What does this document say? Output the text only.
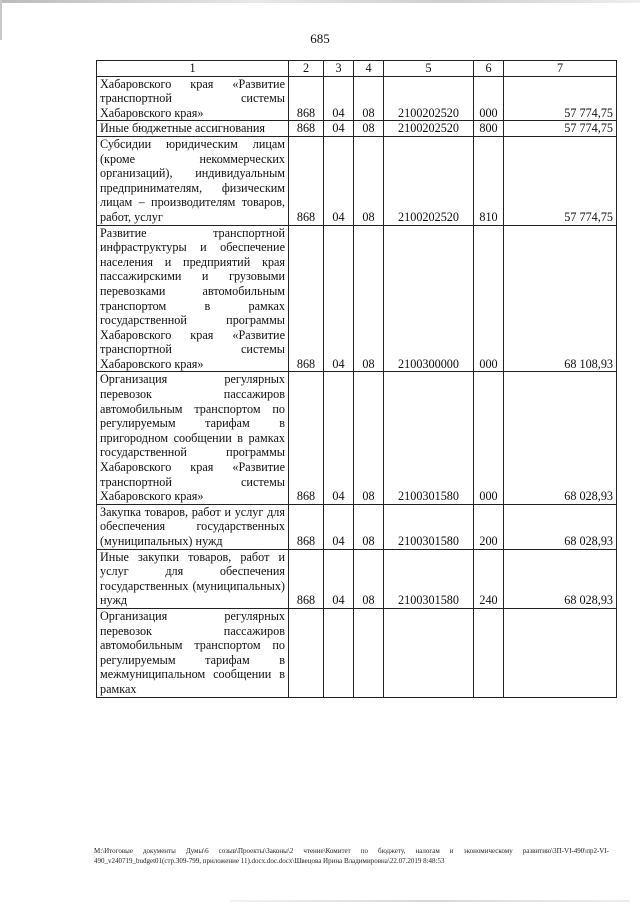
685
1	2	3	4	5	6	7
Хабаровского края «Развитие транспортной системы Хабаровского края»	868	04	08	2100202520	000	57 774,75
Иные бюджетные ассигнования	868	04	08	2100202520	800	57 774,75
Субсидии юридическим лицам (кроме некоммерческих организаций), индивидуальным предпринимателям, физическим лицам – производителям товаров, работ, услуг	868	04	08	2100202520	810	57 774,75
Развитие транспортной инфраструктуры и обеспечение населения и предприятий края пассажирскими и грузовыми перевозками автомобильным транспортом в рамках государственной программы Хабаровского края «Развитие транспортной системы Хабаровского края»	868	04	08	2100300000	000	68 108,93
Организация регулярных перевозок пассажиров автомобильным транспортом по регулируемым тарифам в пригородном сообщении в рамках государственной программы Хабаровского края «Развитие транспортной системы Хабаровского края»	868	04	08	2100301580	000	68 028,93
Закупка товаров, работ и услуг для обеспечения государственных (муниципальных) нужд	868	04	08	2100301580	200	68 028,93
Иные закупки товаров, работ и услуг для обеспечения государственных (муниципальных) нужд	868	04	08	2100301580	240	68 028,93
Организация регулярных перевозок пассажиров автомобильным транспортом по регулируемым тарифам в межмуниципальном сообщении в рамках						
M:\Итоговые документы Думы\6 созыв\Проекты\Законы\2 чтение\Комитет по бюджету, налогам и экономическому развитию\3П-VI-490\пр2-VI-490_v240719_budget01(стр.309-799, приложение 11).docx.doc.docx\Швецова Ирина Владимировна\22.07.2019 8:48:53
